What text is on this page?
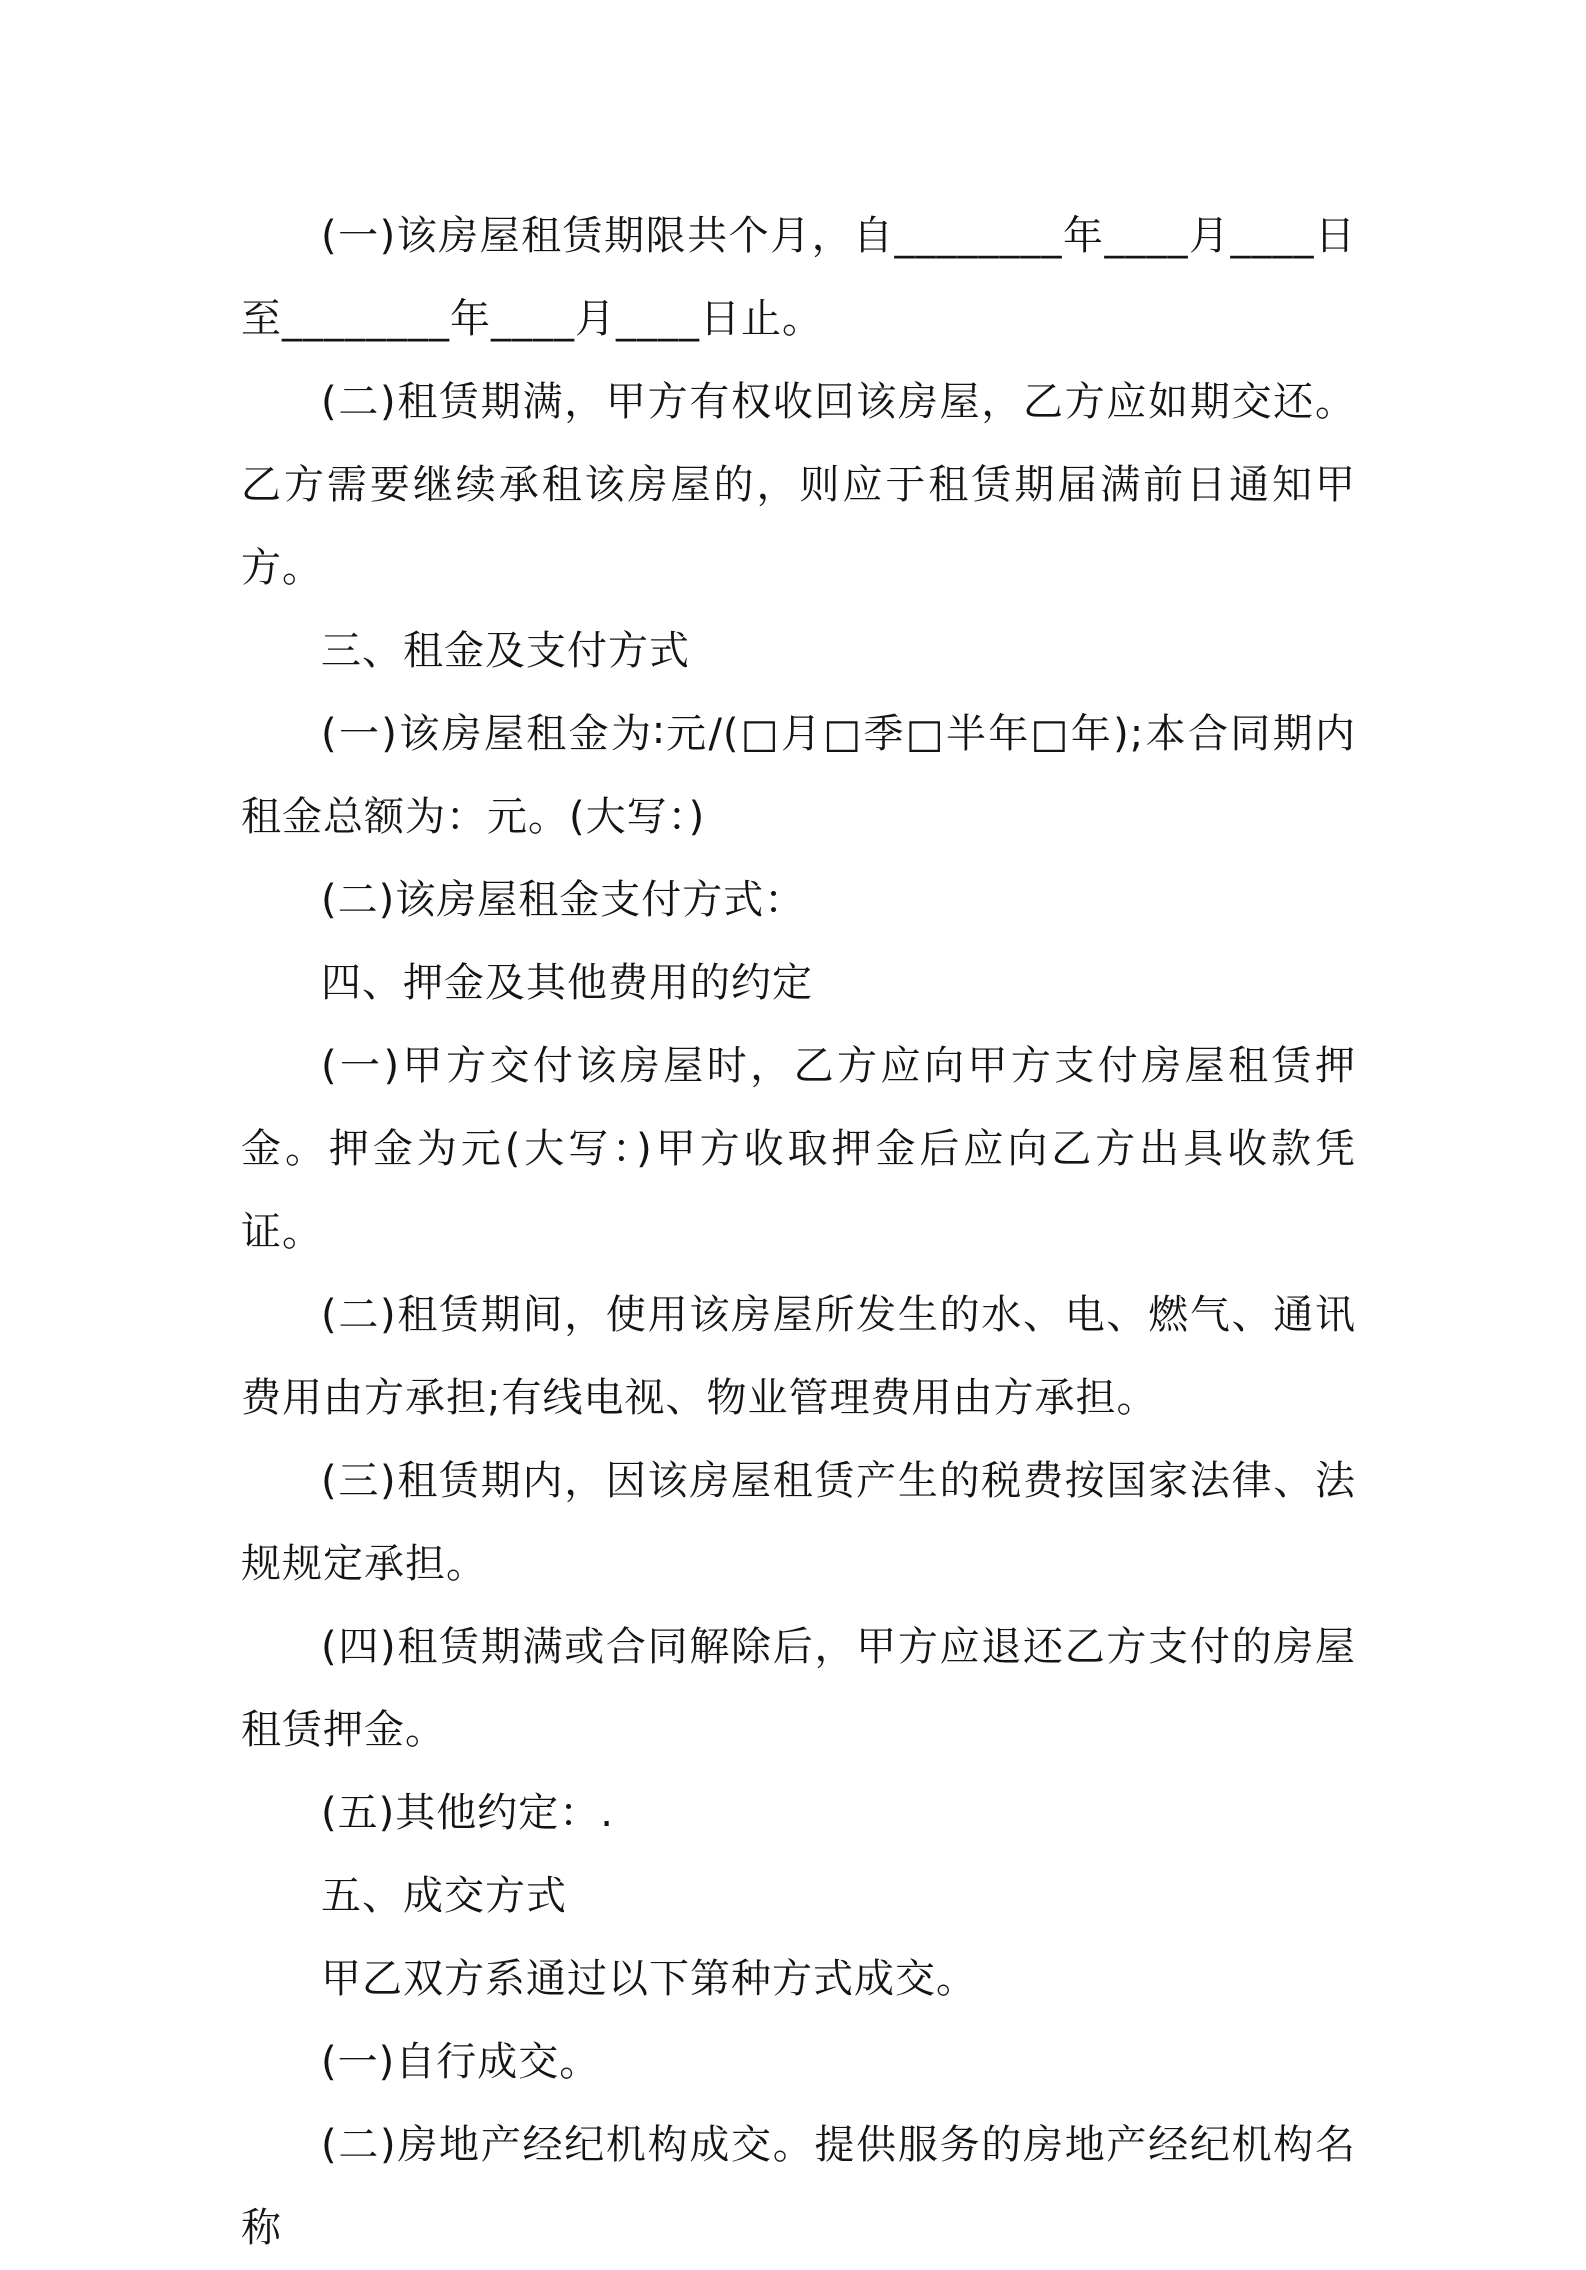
(一)该房屋租赁期限共个月，自________年____月____日至________年____月____日止。

(二)租赁期满，甲方有权收回该房屋，乙方应如期交还。乙方需要继续承租该房屋的，则应于租赁期届满前日通知甲方。

三、租金及支付方式

(一)该房屋租金为∶元/(□月□季□半年□年);本合同期内租金总额为：元。(大写：)

(二)该房屋租金支付方式：

四、押金及其他费用的约定

(一)甲方交付该房屋时，乙方应向甲方支付房屋租赁押金。押金为元(大写：)甲方收取押金后应向乙方出具收款凭证。

(二)租赁期间，使用该房屋所发生的水、电、燃气、通讯费用由方承担;有线电视、物业管理费用由方承担。

(三)租赁期内，因该房屋租赁产生的税费按国家法律、法规规定承担。

(四)租赁期满或合同解除后，甲方应退还乙方支付的房屋租赁押金。

(五)其他约定：.

五、成交方式

甲乙双方系通过以下第种方式成交。

(一)自行成交。

(二)房地产经纪机构成交。提供服务的房地产经纪机构名称
